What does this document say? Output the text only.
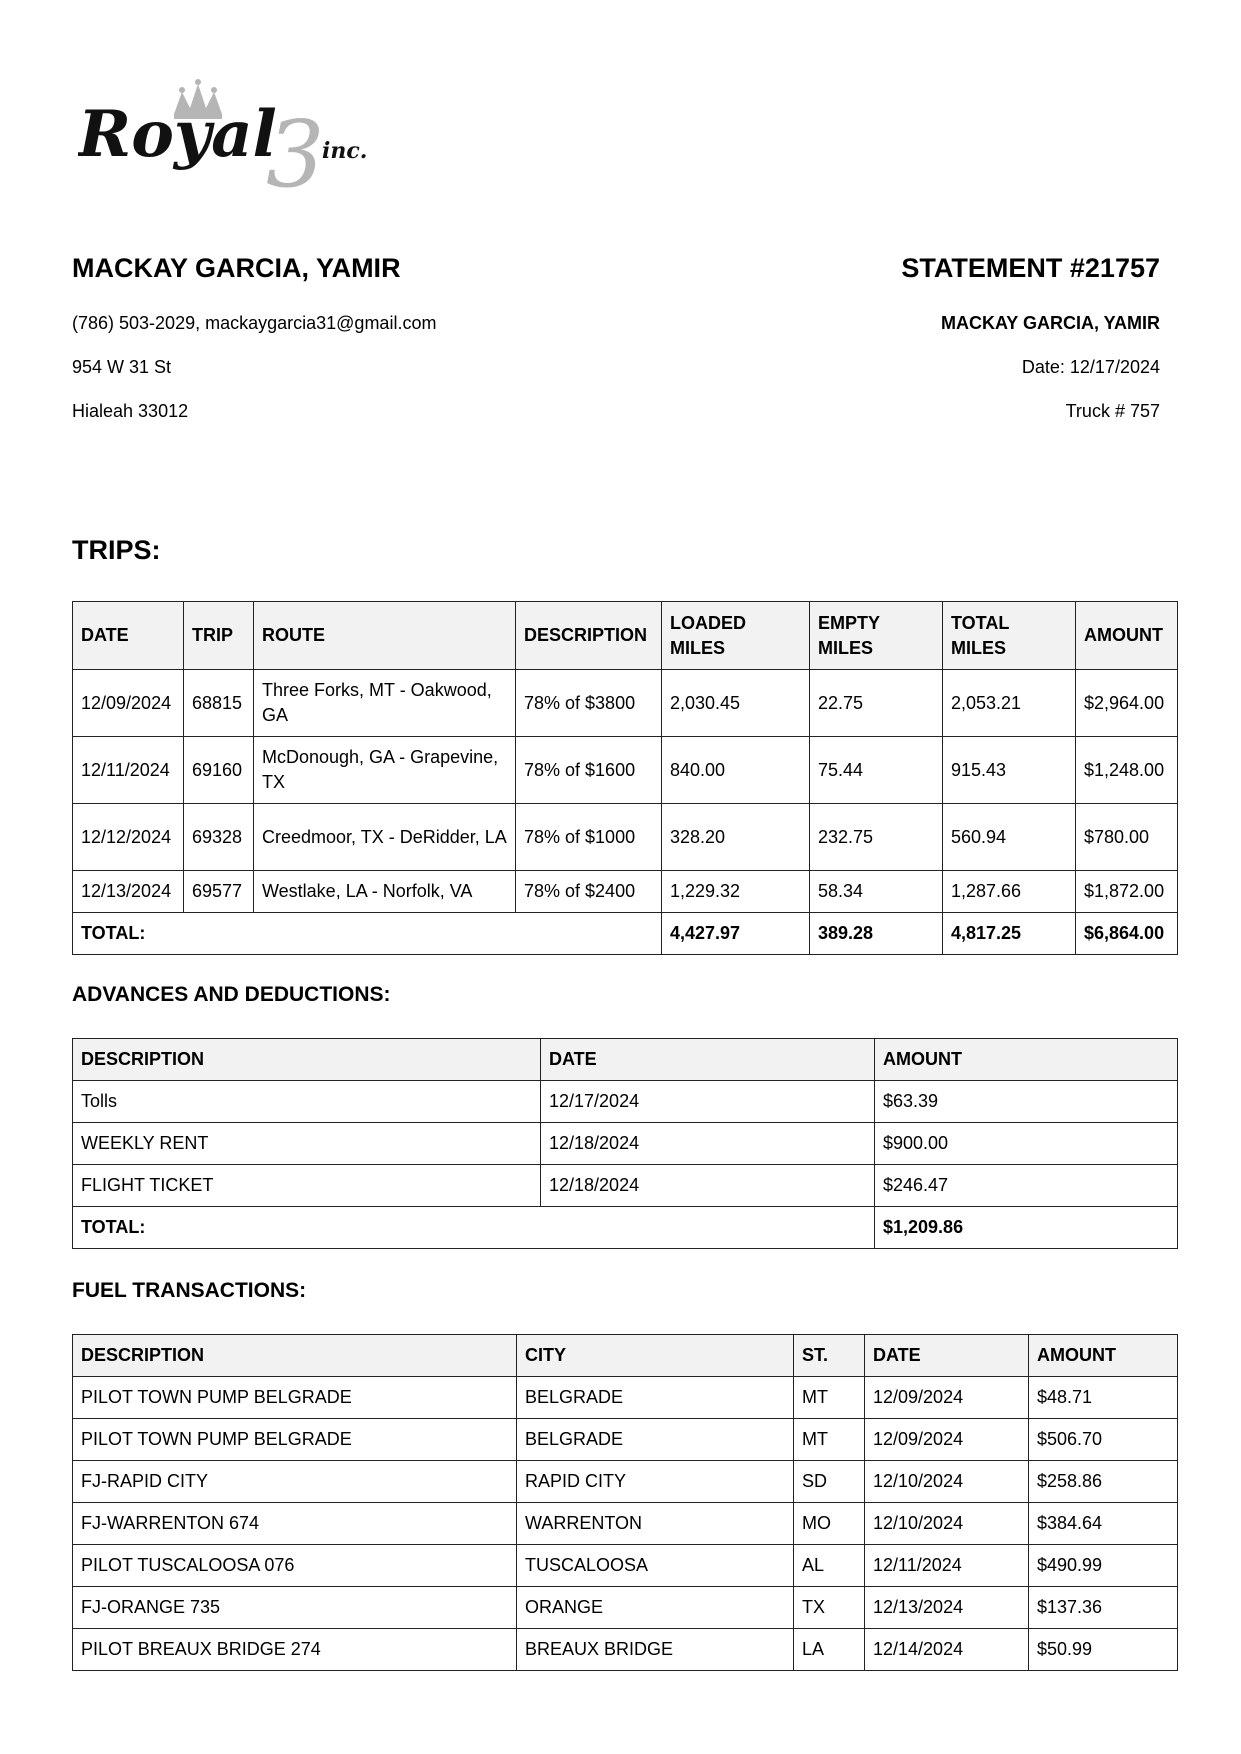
3
Royal inc.
MACKAY GARCIA, YAMIR
(786) 503-2029, mackaygarcia31@gmail.com
954 W 31 St
Hialeah 33012
STATEMENT #21757
MACKAY GARCIA, YAMIR
Date: 12/17/2024
Truck # 757
TRIPS:
DATE	TRIP	ROUTE	DESCRIPTION	LOADED MILES	EMPTY MILES	TOTAL MILES	AMOUNT
12/09/2024	68815	Three Forks, MT - Oakwood, GA	78% of $3800	2,030.45	22.75	2,053.21	$2,964.00
12/11/2024	69160	McDonough, GA - Grapevine, TX	78% of $1600	840.00	75.44	915.43	$1,248.00
12/12/2024	69328	Creedmoor, TX - DeRidder, LA	78% of $1000	328.20	232.75	560.94	$780.00
12/13/2024	69577	Westlake, LA - Norfolk, VA	78% of $2400	1,229.32	58.34	1,287.66	$1,872.00
TOTAL:				4,427.97	389.28	4,817.25	$6,864.00
ADVANCES AND DEDUCTIONS:
DESCRIPTION	DATE	AMOUNT
Tolls	12/17/2024	$63.39
WEEKLY RENT	12/18/2024	$900.00
FLIGHT TICKET	12/18/2024	$246.47
TOTAL:		$1,209.86
FUEL TRANSACTIONS:
DESCRIPTION	CITY	ST.	DATE	AMOUNT
PILOT TOWN PUMP BELGRADE	BELGRADE	MT	12/09/2024	$48.71
PILOT TOWN PUMP BELGRADE	BELGRADE	MT	12/09/2024	$506.70
FJ-RAPID CITY	RAPID CITY	SD	12/10/2024	$258.86
FJ-WARRENTON 674	WARRENTON	MO	12/10/2024	$384.64
PILOT TUSCALOOSA 076	TUSCALOOSA	AL	12/11/2024	$490.99
FJ-ORANGE 735	ORANGE	TX	12/13/2024	$137.36
PILOT BREAUX BRIDGE 274	BREAUX BRIDGE	LA	12/14/2024	$50.99
